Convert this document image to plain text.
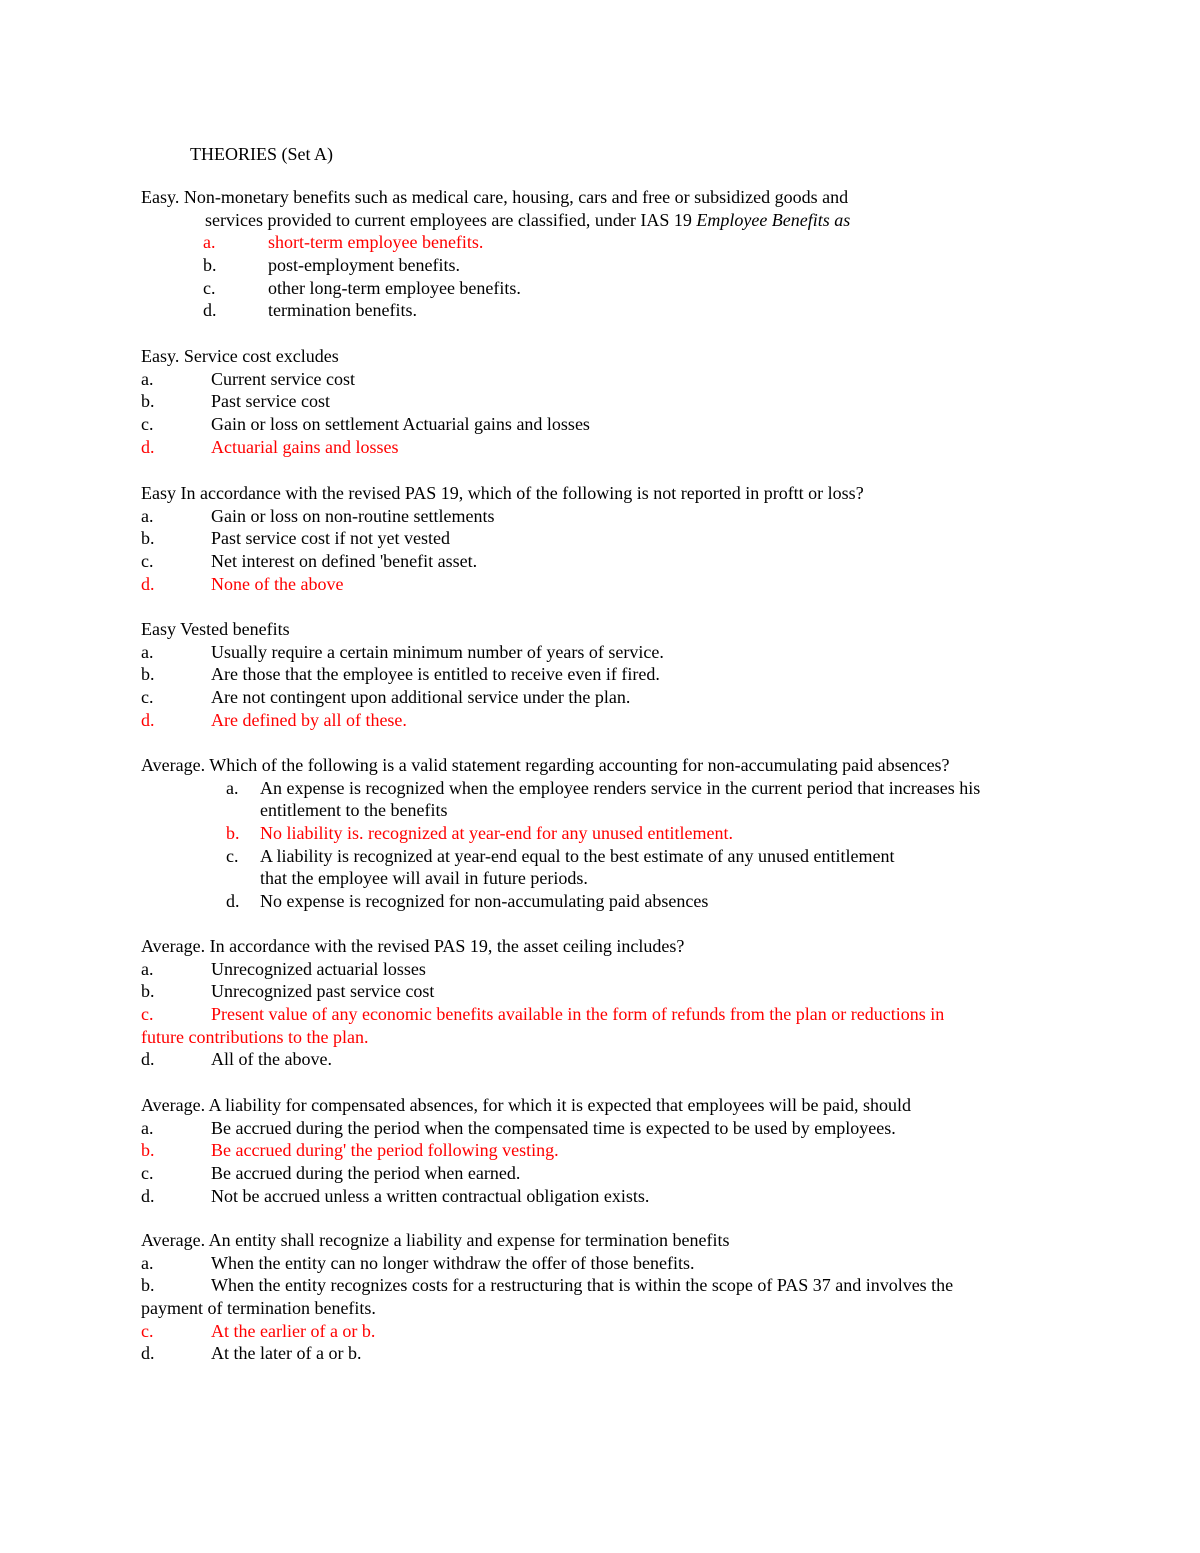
THEORIES (Set A)
Easy. Non-monetary benefits such as medical care, housing, cars and free or subsidized goods and
services provided to current employees are classified, under IAS 19 Employee Benefits as
a.	short-term employee benefits.
b.	post-employment benefits.
c.	other long-term employee benefits.
d.	termination benefits.
Easy. Service cost excludes
a.	Current service cost
b.	Past service cost
c.	Gain or loss on settlement Actuarial gains and losses
d.	Actuarial gains and losses
Easy In accordance with the revised PAS 19, which of the following is not reported in proftt or loss?
a.	Gain or loss on non-routine settlements
b.	Past service cost if not yet vested
c.	Net interest on defined 'benefit asset.
d.	None of the above
Easy Vested benefits
a.	Usually require a certain minimum number of years of service.
b.	Are those that the employee is entitled to receive even if fired.
c.	Are not contingent upon additional service under the plan.
d.	Are defined by all of these.
Average. Which of the following is a valid statement regarding accounting for non-accumulating paid absences?
a. An expense is recognized when the employee renders service in the current period that increases his
entitlement to the benefits
b. No liability is. recognized at year-end for any unused entitlement.
c. A liability is recognized at year-end equal to the best estimate of any unused entitlement
that the employee will avail in future periods.
d. No expense is recognized for non-accumulating paid absences
Average. In accordance with the revised PAS 19, the asset ceiling includes?
a.	Unrecognized actuarial losses
b.	Unrecognized past service cost
c.	Present value of any economic benefits available in the form of refunds from the plan or reductions in
future contributions to the plan.
d.	All of the above.
Average. A liability for compensated absences, for which it is expected that employees will be paid, should
a.	Be accrued during the period when the compensated time is expected to be used by employees.
b.	Be accrued during' the period following vesting.
c.	Be accrued during the period when earned.
d.	Not be accrued unless a written contractual obligation exists.
Average. An entity shall recognize a liability and expense for termination benefits
a.	When the entity can no longer withdraw the offer of those benefits.
b.	When the entity recognizes costs for a restructuring that is within the scope of PAS 37 and involves the
payment of termination benefits.
c.	At the earlier of a or b.
d.	At the later of a or b.
